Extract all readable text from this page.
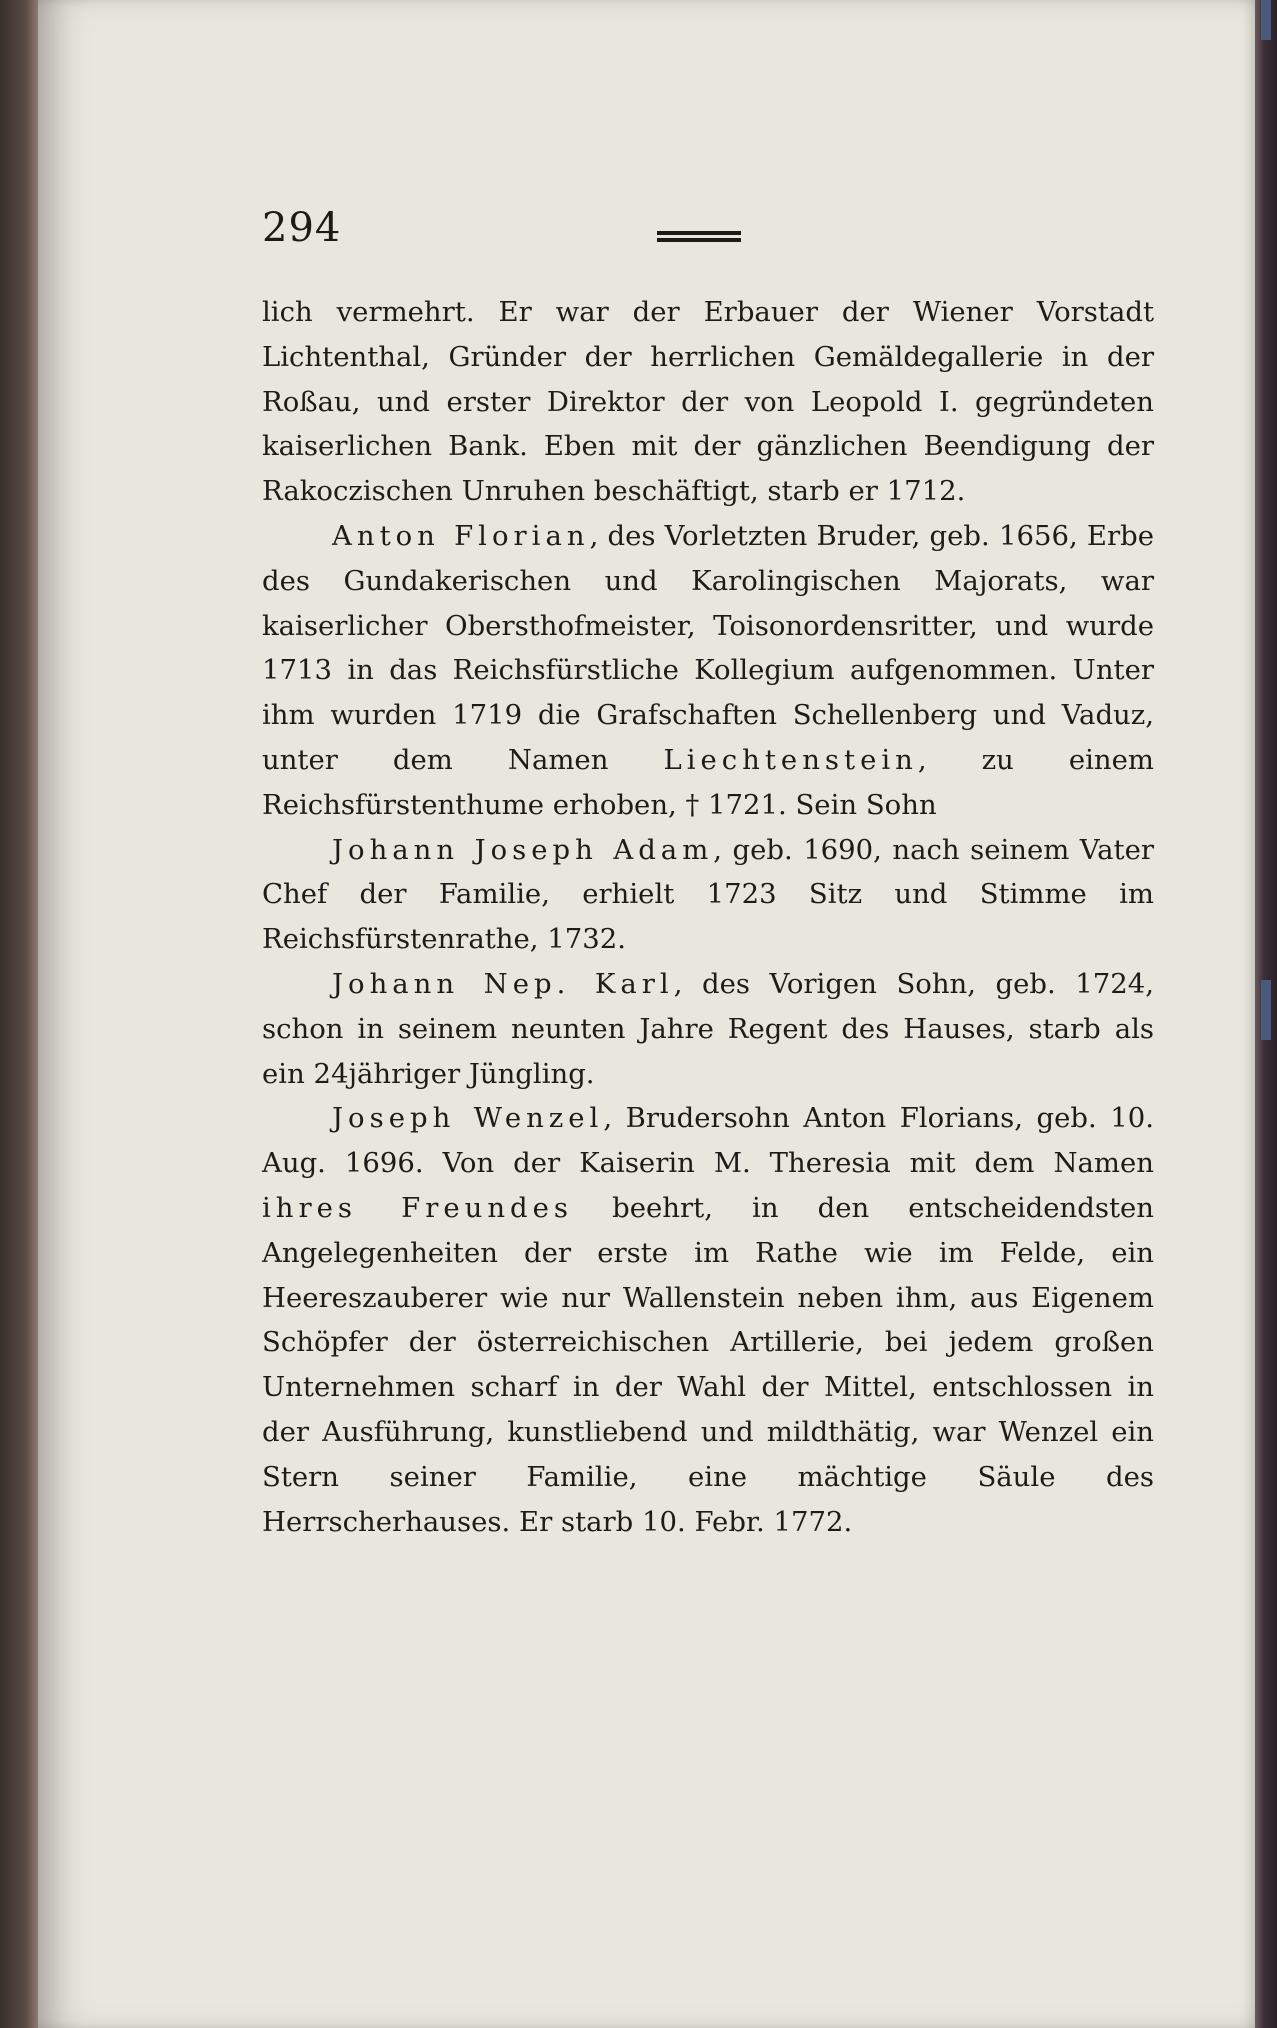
294

lich vermehrt. Er war der Erbauer der Wiener Vorstadt Lichtenthal, Gründer der herrlichen Gemäldegallerie in der Roßau, und erster Direktor der von Leopold I. gegründeten kaiserlichen Bank. Eben mit der gänzlichen Beendigung der Rakoczischen Unruhen beschäftigt, starb er 1712.

Anton Florian, des Vorletzten Bruder, geb. 1656, Erbe des Gundakerischen und Karolingischen Majorats, war kaiserlicher Obersthofmeister, Toisonordensritter, und wurde 1713 in das Reichsfürstliche Kollegium aufgenommen. Unter ihm wurden 1719 die Grafschaften Schellenberg und Vaduz, unter dem Namen Liechtenstein, zu einem Reichsfürstenthume erhoben, † 1721. Sein Sohn

Johann Joseph Adam, geb. 1690, nach seinem Vater Chef der Familie, erhielt 1723 Sitz und Stimme im Reichsfürstenrathe, 1732.

Johann Nep. Karl, des Vorigen Sohn, geb. 1724, schon in seinem neunten Jahre Regent des Hauses, starb als ein 24jähriger Jüngling.

Joseph Wenzel, Brudersohn Anton Florians, geb. 10. Aug. 1696. Von der Kaiserin M. Theresia mit dem Namen ihres Freundes beehrt, in den entscheidendsten Angelegenheiten der erste im Rathe wie im Felde, ein Heereszauberer wie nur Wallenstein neben ihm, aus Eigenem Schöpfer der österreichischen Artillerie, bei jedem großen Unternehmen scharf in der Wahl der Mittel, entschlossen in der Ausführung, kunstliebend und mildthätig, war Wenzel ein Stern seiner Familie, eine mächtige Säule des Herrscherhauses. Er starb 10. Febr. 1772.
